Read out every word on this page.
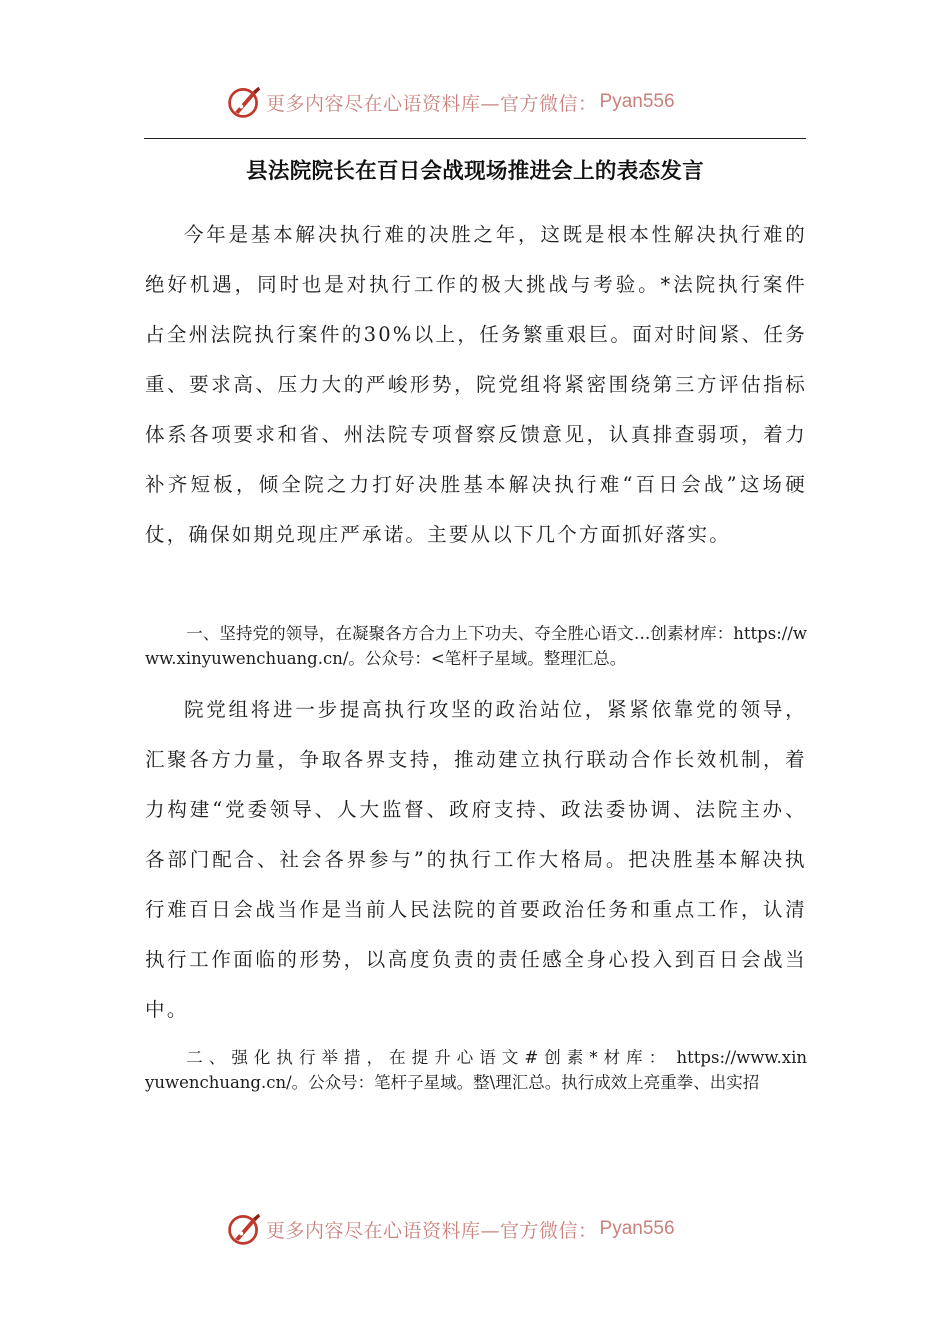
更多内容尽在心语资料库—官方微信： Pyan556
县法院院长在百日会战现场推进会上的表态发言

今年是基本解决执行难的决胜之年，这既是根本性解决执行难的绝好机遇，同时也是对执行工作的极大挑战与考验。*法院执行案件占全州法院执行案件的30%以上，任务繁重艰巨。面对时间紧、任务重、要求高、压力大的严峻形势，院党组将紧密围绕第三方评估指标体系各项要求和省、州法院专项督察反馈意见，认真排查弱项，着力补齐短板，倾全院之力打好决胜基本解决执行难“百日会战”这场硬仗，确保如期兑现庄严承诺。主要从以下几个方面抓好落实。

一、坚持党的领导，在凝聚各方合力上下功夫、夺全胜心语文…创素材库：https://www.xinyuwenchuang.cn/。公众号：<笔杆子星域。整理汇总。

院党组将进一步提高执行攻坚的政治站位，紧紧依靠党的领导，汇聚各方力量，争取各界支持，推动建立执行联动合作长效机制，着力构建“党委领导、人大监督、政府支持、政法委协调、法院主办、各部门配合、社会各界参与”的执行工作大格局。把决胜基本解决执行难百日会战当作是当前人民法院的首要政治任务和重点工作，认清执行工作面临的形势，以高度负责的责任感全身心投入到百日会战当中。

二、强化执行举措，在提升心语文#创素*材库： https://www.xinyuwenchuang.cn/。公众号：笔杆子星域。整\理汇总。执行成效上亮重拳、出实招

更多内容尽在心语资料库—官方微信： Pyan556
